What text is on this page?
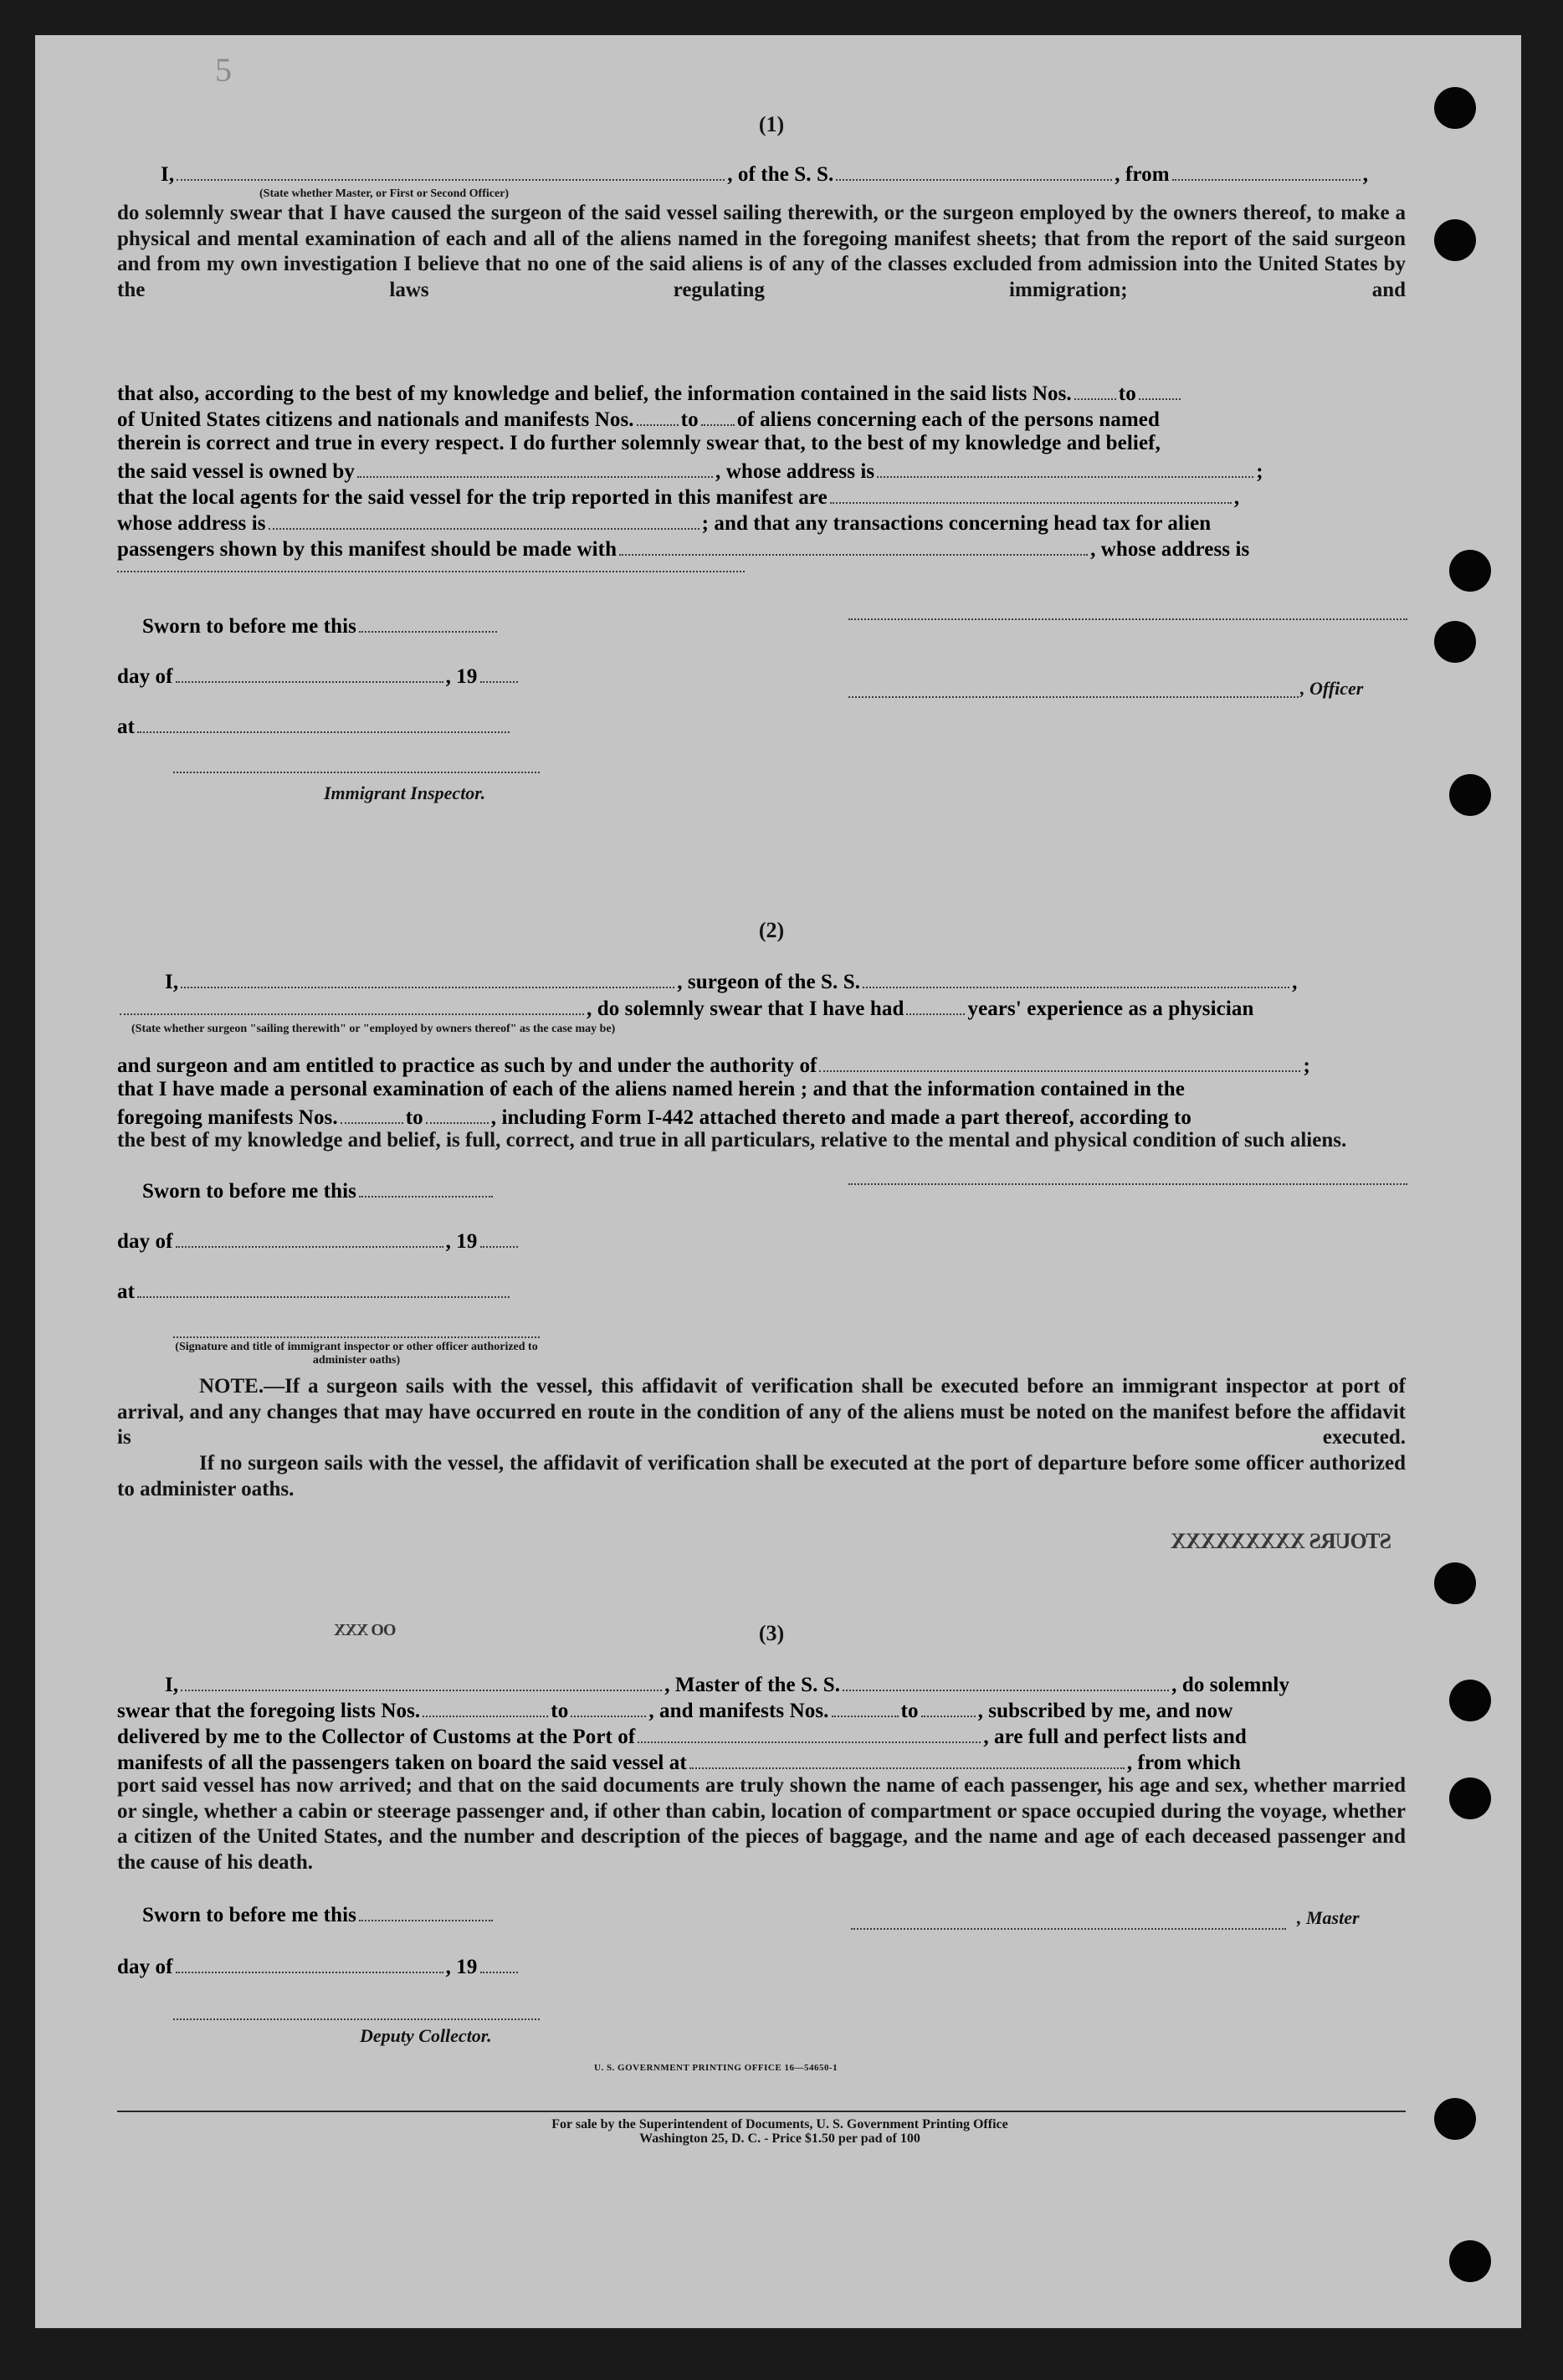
(1)
I,	, of the S. S.	, from	,
(State whether Master, or First or Second Officer)
do solemnly swear that I have caused the surgeon of the said vessel sailing therewith, or the surgeon employed by the owners thereof, to make a physical and mental examination of each and all of the aliens named in the foregoing manifest sheets; that from the report of the said surgeon and from my own investigation I believe that no one of the said aliens is of any of the classes excluded from admission into the United States by the laws regulating immigration; and
that also, according to the best of my knowledge and belief, the information contained in the said lists Nos. to
of United States citizens and nationals and manifests Nos. to of aliens concerning each of the persons named
therein is correct and true in every respect. I do further solemnly swear that, to the best of my knowledge and belief,
the said vessel is owned by	, whose address is	;
that the local agents for the said vessel for the trip reported in this manifest are	,
whose address is	; and that any transactions concerning head tax for alien
passengers shown by this manifest should be made with	, whose address is
Sworn to before me this
day of	, 19
at
Immigrant Inspector.
, Officer
(2)
I,	, surgeon of the S. S.	,
, do solemnly swear that I have had	years' experience as a physician
(State whether surgeon "sailing therewith" or "employed by owners thereof" as the case may be)
and surgeon and am entitled to practice as such by and under the authority of	;
that I have made a personal examination of each of the aliens named herein ; and that the information contained in the
foregoing manifests Nos.	to	, including Form I-442 attached thereto and made a part thereof, according to
the best of my knowledge and belief, is full, correct, and true in all particulars, relative to the mental and physical condition of such aliens.
Sworn to before me this
day of	, 19
at
(Signature and title of immigrant inspector or other officer authorized to administer oaths)
NOTE.—If a surgeon sails with the vessel, this affidavit of verification shall be executed before an immigrant inspector at port of arrival, and any changes that may have occurred en route in the condition of any of the aliens must be noted on the manifest before the affidavit is executed.
If no surgeon sails with the vessel, the affidavit of verification shall be executed at the port of departure before some officer authorized to administer oaths.
STOURS XXXXXXXXX
OO XXX	(3)
I,	, Master of the S. S.	, do solemnly
swear that the foregoing lists Nos.	to	, and manifests Nos.	to	, subscribed by me, and now
delivered by me to the Collector of Customs at the Port of	, are full and perfect lists and
manifests of all the passengers taken on board the said vessel at	, from which
port said vessel has now arrived; and that on the said documents are truly shown the name of each passenger, his age and sex, whether married or single, whether a cabin or steerage passenger and, if other than cabin, location of compartment or space occupied during the voyage, whether a citizen of the United States, and the number and description of the pieces of baggage, and the name and age of each deceased passenger and the cause of his death.
Sworn to before me this
day of	, 19
, Master
Deputy Collector.
U. S. GOVERNMENT PRINTING OFFICE 16—54650-1
For sale by the Superintendent of Documents, U. S. Government Printing Office
Washington 25, D. C. - Price $1.50 per pad of 100
5
